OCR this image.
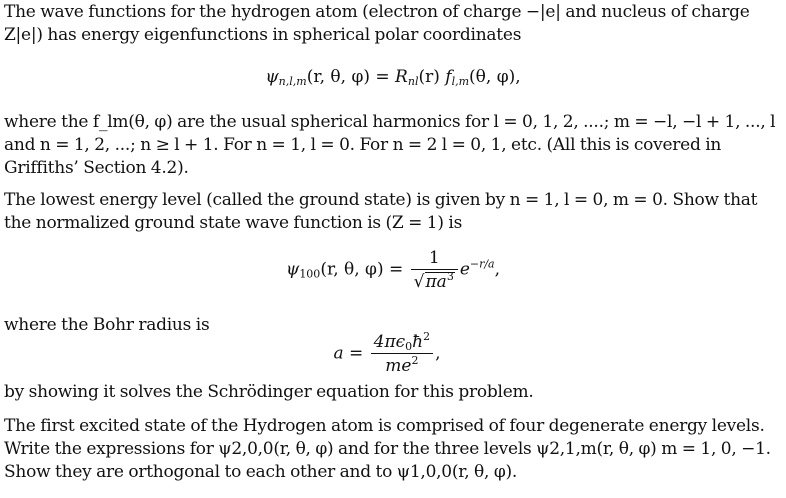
The wave functions for the hydrogen atom (electron of charge −|e| and nucleus of charge
Z|e|) has energy eigenfunctions in spherical polar coordinates
$\psi_{n,l,m}(r$, θ, $\varphi) = R_{nl}(r)$ $f_{l,m}(\theta$, φ),
where the f_lm(θ, φ) are the usual spherical harmonics for l = 0, 1, 2, ....; m = −l, −l + 1, ..., l
and n = 1, 2, ...; n ≥ l + 1. For n = 1, l = 0. For n = 2 l = 0, 1, etc. (All this is covered in
Griffiths’ Section 4.2).
The lowest energy level (called the ground state) is given by n = 1, l = 0, m = 0. Show that
the normalized ground state wave function is (Z = 1) is
$\psi_{100}(r$, θ, $\varphi) = \frac{1}{√\pi a^3} e^{-r/a}$,
where the Bohr radius is
$a = \frac{4\pi\epsilon_0ħ^2}{me^2}$ ,
by showing it solves the Schrödinger equation for this problem.
The first excited state of the Hydrogen atom is comprised of four degenerate energy levels.
Write the expressions for ψ2,0,0(r, θ, φ) and for the three levels ψ2,1,m(r, θ, φ) m = 1, 0, −1.
Show they are orthogonal to each other and to ψ1,0,0(r, θ, φ).
